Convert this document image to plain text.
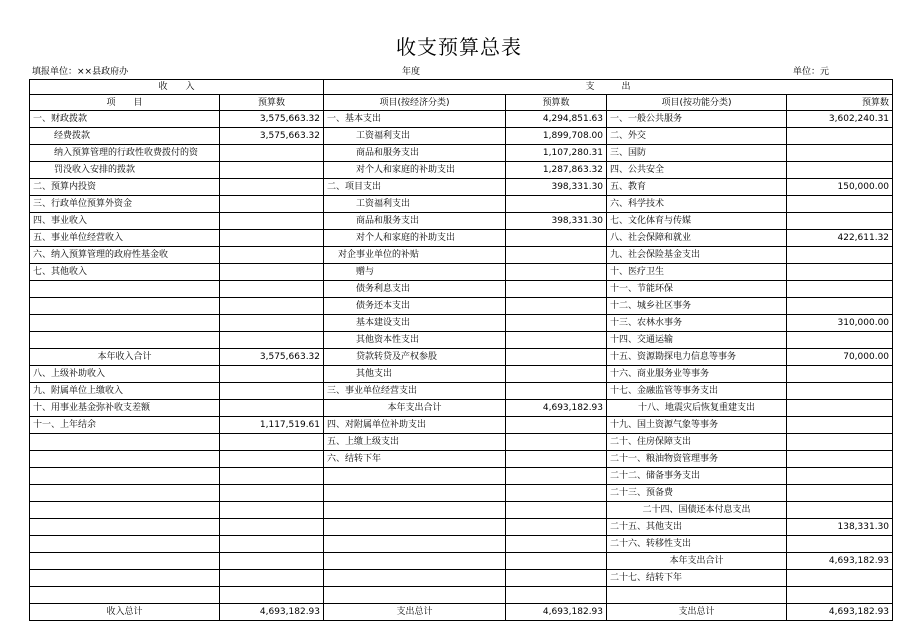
收支预算总表
填报单位：××县政府办	年度	单位：元
收　　入		支　　　出			
项　　目	预算数	项目(按经济分类)	预算数	项目(按功能分类)	预算数
一、财政拨款	3,575,663.32	一、基本支出	4,294,851.63	一、一般公共服务	3,602,240.31
经费拨款	3,575,663.32	工资福利支出	1,899,708.00	二、外交	
纳入预算管理的行政性收费拨付的资		商品和服务支出	1,107,280.31	三、国防	
罚没收入安排的拨款		对个人和家庭的补助支出	1,287,863.32	四、公共安全	
二、预算内投资		二、项目支出	398,331.30	五、教育	150,000.00
三、行政单位预算外资金		工资福利支出		六、科学技术	
四、事业收入		商品和服务支出	398,331.30	七、文化体育与传媒	
五、事业单位经营收入		对个人和家庭的补助支出		八、社会保障和就业	422,611.32
六、纳入预算管理的政府性基金收		对企事业单位的补贴		九、社会保险基金支出	
七、其他收入		赠与		十、医疗卫生	
		债务利息支出		十一、节能环保	
		债务还本支出		十二、城乡社区事务	
		基本建设支出		十三、农林水事务	310,000.00
		其他资本性支出		十四、交通运输	
本年收入合计	3,575,663.32	贷款转贷及产权参股		十五、资源勘探电力信息等事务	70,000.00
八、上级补助收入		其他支出		十六、商业服务业等事务	
九、附属单位上缴收入		三、事业单位经营支出		十七、金融监管等事务支出	
十、用事业基金弥补收支差额		本年支出合计	4,693,182.93	十八、地震灾后恢复重建支出	
十一、上年结余	1,117,519.61	四、对附属单位补助支出		十九、国土资源气象等事务	
		五、上缴上级支出		二十、住房保障支出	
		六、结转下年		二十一、粮油物资管理事务	
				二十二、储备事务支出	
				二十三、预备费	
				二十四、国债还本付息支出	
				二十五、其他支出	138,331.30
				二十六、转移性支出	
				本年支出合计	4,693,182.93
				二十七、结转下年	

收入总计	4,693,182.93	支出总计	4,693,182.93	支出总计	4,693,182.93
